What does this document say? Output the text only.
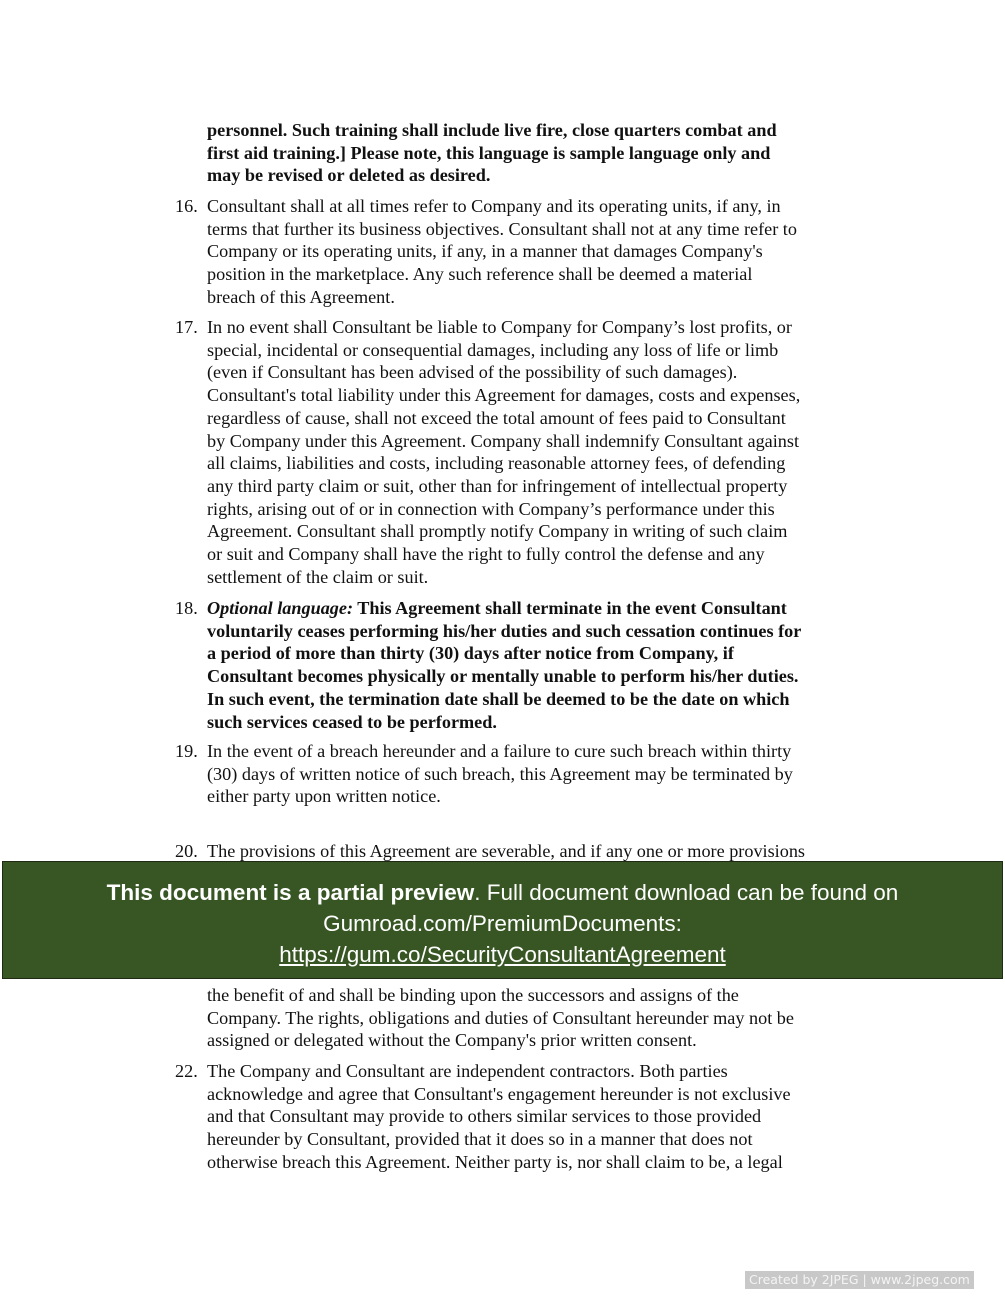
personnel. Such training shall include live fire, close quarters combat and
first aid training.] Please note, this language is sample language only and
may be revised or deleted as desired.
16. Consultant shall at all times refer to Company and its operating units, if any, in
terms that further its business objectives. Consultant shall not at any time refer to
Company or its operating units, if any, in a manner that damages Company's
position in the marketplace. Any such reference shall be deemed a material
breach of this Agreement.
17. In no event shall Consultant be liable to Company for Company’s lost profits, or
special, incidental or consequential damages, including any loss of life or limb
(even if Consultant has been advised of the possibility of such damages).
Consultant's total liability under this Agreement for damages, costs and expenses,
regardless of cause, shall not exceed the total amount of fees paid to Consultant
by Company under this Agreement. Company shall indemnify Consultant against
all claims, liabilities and costs, including reasonable attorney fees, of defending
any third party claim or suit, other than for infringement of intellectual property
rights, arising out of or in connection with Company’s performance under this
Agreement. Consultant shall promptly notify Company in writing of such claim
or suit and Company shall have the right to fully control the defense and any
settlement of the claim or suit.
18. Optional language: This Agreement shall terminate in the event Consultant
voluntarily ceases performing his/her duties and such cessation continues for
a period of more than thirty (30) days after notice from Company, if
Consultant becomes physically or mentally unable to perform his/her duties.
In such event, the termination date shall be deemed to be the date on which
such services ceased to be performed.
19. In the event of a breach hereunder and a failure to cure such breach within thirty
(30) days of written notice of such breach, this Agreement may be terminated by
either party upon written notice.
20. The provisions of this Agreement are severable, and if any one or more provisions
the benefit of and shall be binding upon the successors and assigns of the
Company. The rights, obligations and duties of Consultant hereunder may not be
assigned or delegated without the Company's prior written consent.
22. The Company and Consultant are independent contractors. Both parties
acknowledge and agree that Consultant's engagement hereunder is not exclusive
and that Consultant may provide to others similar services to those provided
hereunder by Consultant, provided that it does so in a manner that does not
otherwise breach this Agreement. Neither party is, nor shall claim to be, a legal
This document is a partial preview. Full document download can be found on
Gumroad.com/PremiumDocuments:
https://gum.co/SecurityConsultantAgreement
Created by 2JPEG | www.2jpeg.com
